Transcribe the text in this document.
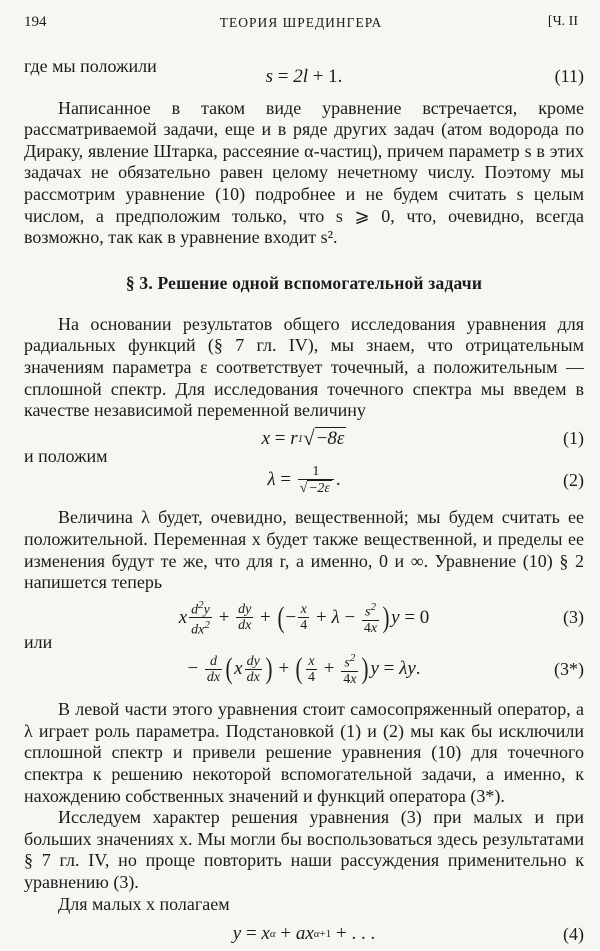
194	ТЕОРИЯ ШРЕДИНГЕРА	[Ч. II

где мы положили	s = 2l + 1.	(11)

Написанное в таком виде уравнение встречается, кроме рассматриваемой задачи, еще и в ряде других задач (атом водорода по Дираку, явление Штарка, рассеяние α-частиц), причем параметр s в этих задачах не обязательно равен целому нечетному числу. Поэтому мы рассмотрим уравнение (10) подробнее и не будем считать s целым числом, а предположим только, что s ⩾ 0, что, очевидно, всегда возможно, так как в уравнение входит s².

§ 3. Решение одной вспомогательной задачи

На основании результатов общего исследования уравнения для радиальных функций (§ 7 гл. IV), мы знаем, что отрицательным значениям параметра ε соответствует точечный, а положительным — сплошной спектр. Для исследования точечного спектра мы введем в качестве независимой переменной величину

x = r 1 √ −8ε	(1)

и положим

λ =
$\frac{1}{√ -2\varepsilon}$ .	(2)

Величина λ будет, очевидно, вещественной; мы будем считать ее положительной. Переменная x будет также вещественной, и пределы ее изменения будут те же, что для r, а именно, 0 и ∞. Уравнение (10) § 2 напишется теперь

x $\frac{d^2y}{dx^2} + \frac{dy}{dx}$ + ( − $\frac{x}{4} + \lambda - \frac{s^2}{4x}$ ) y = 0	(3)

или

− $\frac{d}{dx}$ ( x $\frac{dy}{dx}$ ) + ( $\frac{x}{4} + \frac{s^2}{4x}$ ) y = λy .	(3*)

В левой части этого уравнения стоит самосопряженный оператор, а λ играет роль параметра. Подстановкой (1) и (2) мы как бы исключили сплошной спектр и привели решение уравнения (10) для точечного спектра к решению некоторой вспомогательной задачи, а именно, к нахождению собственных значений и функций оператора (3*).

Исследуем характер решения уравнения (3) при малых и при больших значениях x. Мы могли бы воспользоваться здесь результатами § 7 гл. IV, но проще повторить наши рассуждения применительно к уравнению (3).

Для малых x полагаем

y = x α + ax α+1 + . . .	(4)
